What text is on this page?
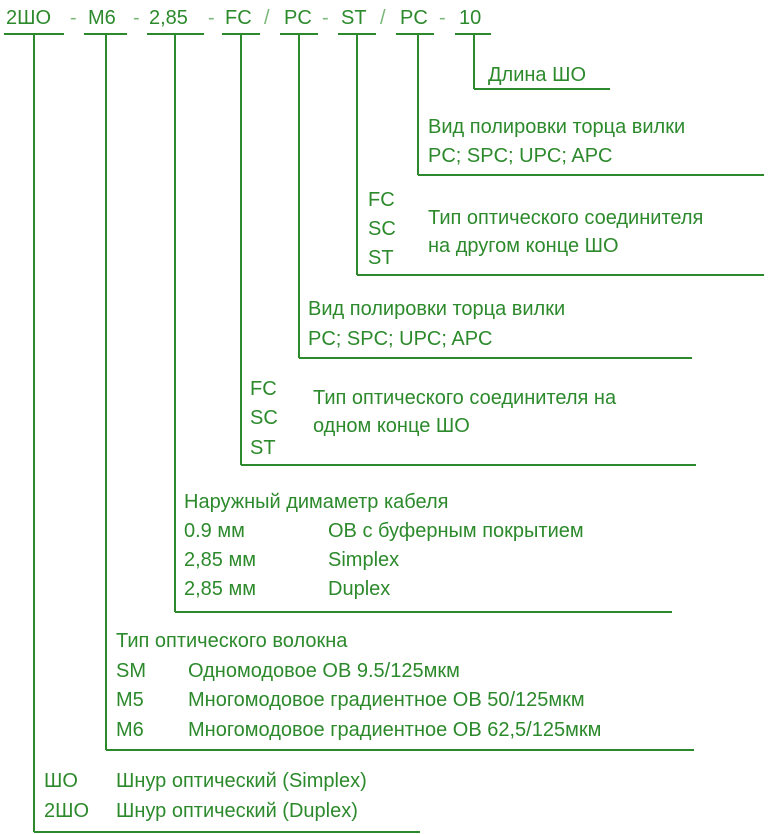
2ШО - M6 - 2,85 - FC / PC - ST / PC - 10
Длина ШО
Вид полировки торца вилки
PC; SPC; UPC; APC
FC
SC
ST
Тип оптического соединителя
на другом конце ШО
Вид полировки торца вилки
PC; SPC; UPC; APC
FC
SC
ST
Тип оптического соединителя на
одном конце ШО
Наружный димаметр кабеля
0.9 мм	ОВ с буферным покрытием
2,85 мм	Simplex
2,85 мм	Duplex
Тип оптического волокна
SM Одномодовое ОВ 9.5/125мкм
M5 Многомодовое градиентное ОВ 50/125мкм
M6 Многомодовое градиентное ОВ 62,5/125мкм
ШО Шнур оптический (Simplex)
2ШО Шнур оптический (Duplex)
